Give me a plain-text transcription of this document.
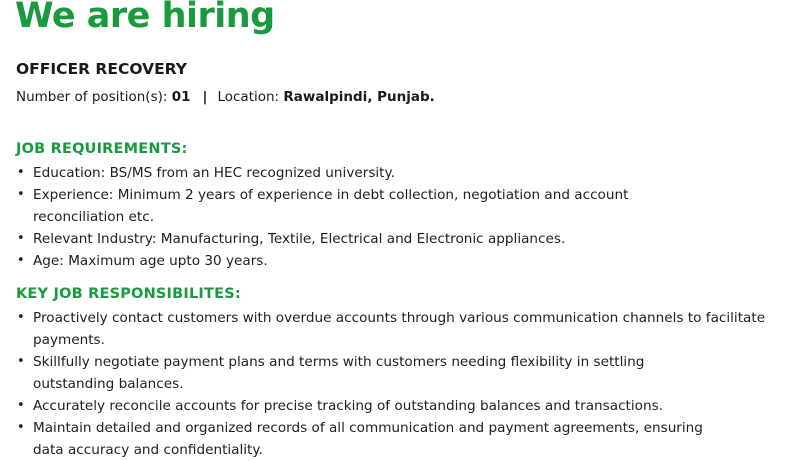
We are hiring
OFFICER RECOVERY
Number of position(s): 01 | Location: Rawalpindi, Punjab.
JOB REQUIREMENTS:
• Education: BS/MS from an HEC recognized university.
• Experience: Minimum 2 years of experience in debt collection, negotiation and account reconciliation etc.
• Relevant Industry: Manufacturing, Textile, Electrical and Electronic appliances.
• Age: Maximum age upto 30 years.
KEY JOB RESPONSIBILITES:
• Proactively contact customers with overdue accounts through various communication channels to facilitate payments.
• Skillfully negotiate payment plans and terms with customers needing flexibility in settling outstanding balances.
• Accurately reconcile accounts for precise tracking of outstanding balances and transactions.
• Maintain detailed and organized records of all communication and payment agreements, ensuring data accuracy and confidentiality.
